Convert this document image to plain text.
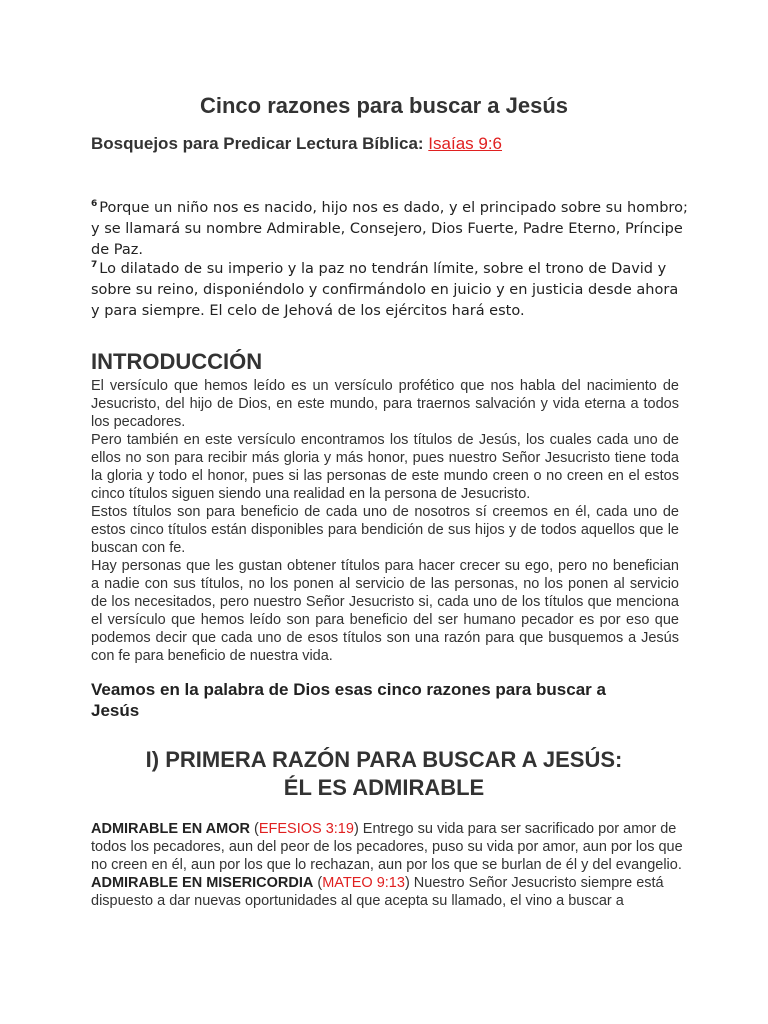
Cinco razones para buscar a Jesús
Bosquejos para Predicar Lectura Bíblica: Isaías 9:6

$^6$ Porque un niño nos es nacido, hijo nos es dado, y el principado sobre su hombro; y se llamará su nombre Admirable, Consejero, Dios Fuerte, Padre Eterno, Príncipe de Paz.

$^7$ Lo dilatado de su imperio y la paz no tendrán límite, sobre el trono de David y sobre su reino, disponiéndolo y confirmándolo en juicio y en justicia desde ahora y para siempre. El celo de Jehová de los ejércitos hará esto.

INTRODUCCIÓN

El versículo que hemos leído es un versículo profético que nos habla del nacimiento de Jesucristo, del hijo de Dios, en este mundo, para traernos salvación y vida eterna a todos los pecadores.

Pero también en este versículo encontramos los títulos de Jesús, los cuales cada uno de ellos no son para recibir más gloria y más honor, pues nuestro Señor Jesucristo tiene toda la gloria y todo el honor, pues si las personas de este mundo creen o no creen en el estos cinco títulos siguen siendo una realidad en la persona de Jesucristo.

Estos títulos son para beneficio de cada uno de nosotros sí creemos en él, cada uno de estos cinco títulos están disponibles para bendición de sus hijos y de todos aquellos que le buscan con fe.

Hay personas que les gustan obtener títulos para hacer crecer su ego, pero no benefician a nadie con sus títulos, no los ponen al servicio de las personas, no los ponen al servicio de los necesitados, pero nuestro Señor Jesucristo si, cada uno de los títulos que menciona el versículo que hemos leído son para beneficio del ser humano pecador es por eso que podemos decir que cada uno de esos títulos son una razón para que busquemos a Jesús con fe para beneficio de nuestra vida.

Veamos en la palabra de Dios esas cinco razones para buscar a Jesús
I) PRIMERA RAZÓN PARA BUSCAR A JESÚS:
ÉL ES ADMIRABLE

ADMIRABLE EN AMOR (EFESIOS 3:19) Entrego su vida para ser sacrificado por amor de todos los pecadores, aun del peor de los pecadores, puso su vida por amor, aun por los que no creen en él, aun por los que lo rechazan, aun por los que se burlan de él y del evangelio.

ADMIRABLE EN MISERICORDIA (MATEO 9:13) Nuestro Señor Jesucristo siempre está dispuesto a dar nuevas oportunidades al que acepta su llamado, el vino a buscar a
